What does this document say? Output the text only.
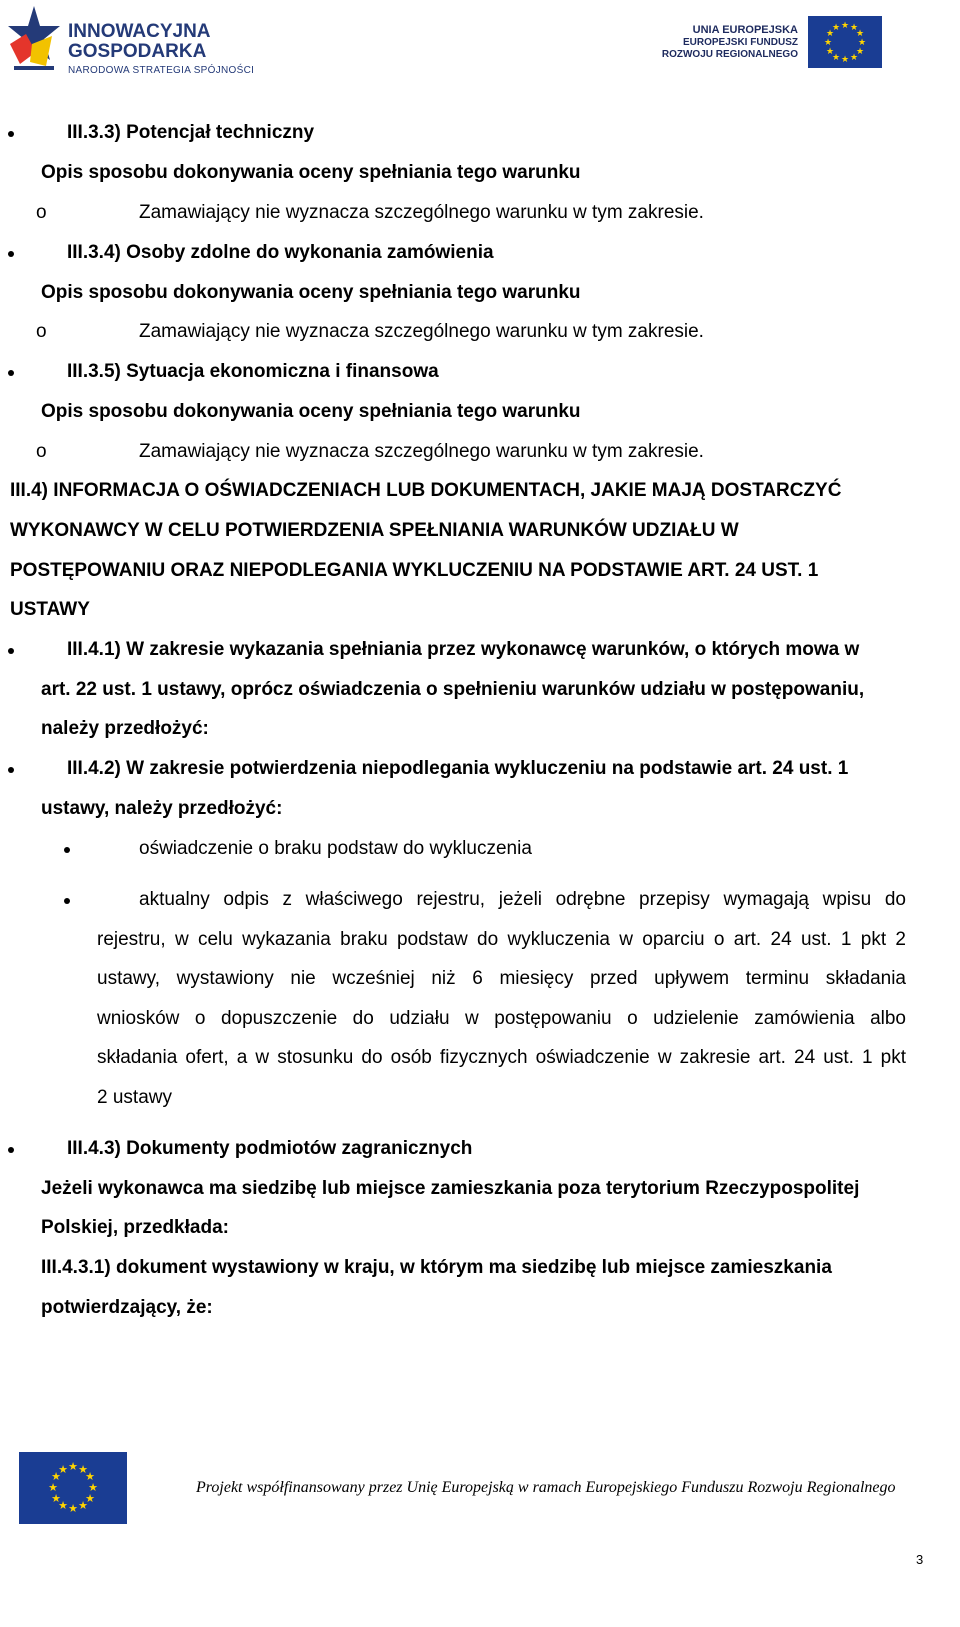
INNOWACYJNA
GOSPODARKA
NARODOWA STRATEGIA SPÓJNOŚCI
UNIA EUROPEJSKA
EUROPEJSKI FUNDUSZ
ROZWOJU REGIONALNEGO
★ ★
★
★
★
★
★
★
★
★
★
★
III.3.3) Potencjał techniczny
Opis sposobu dokonywania oceny spełniania tego warunku
o	Zamawiający nie wyznacza szczególnego warunku w tym zakresie.
III.3.4) Osoby zdolne do wykonania zamówienia
Opis sposobu dokonywania oceny spełniania tego warunku
o	Zamawiający nie wyznacza szczególnego warunku w tym zakresie.
III.3.5) Sytuacja ekonomiczna i finansowa
Opis sposobu dokonywania oceny spełniania tego warunku
o	Zamawiający nie wyznacza szczególnego warunku w tym zakresie.
III.4) INFORMACJA O OŚWIADCZENIACH LUB DOKUMENTACH, JAKIE MAJĄ DOSTARCZYĆ
WYKONAWCY W CELU POTWIERDZENIA SPEŁNIANIA WARUNKÓW UDZIAŁU W
POSTĘPOWANIU ORAZ NIEPODLEGANIA WYKLUCZENIU NA PODSTAWIE ART. 24 UST. 1
USTAWY
III.4.1) W zakresie wykazania spełniania przez wykonawcę warunków, o których mowa w
art. 22 ust. 1 ustawy, oprócz oświadczenia o spełnieniu warunków udziału w postępowaniu,
należy przedłożyć:
III.4.2) W zakresie potwierdzenia niepodlegania wykluczeniu na podstawie art. 24 ust. 1
ustawy, należy przedłożyć:
oświadczenie o braku podstaw do wykluczenia
aktualny odpis z właściwego rejestru, jeżeli odrębne przepisy wymagają wpisu do
rejestru, w celu wykazania braku podstaw do wykluczenia w oparciu o art. 24 ust. 1 pkt 2
ustawy, wystawiony nie wcześniej niż 6 miesięcy przed upływem terminu składania
wniosków o dopuszczenie do udziału w postępowaniu o udzielenie zamówienia albo
składania ofert, a w stosunku do osób fizycznych oświadczenie w zakresie art. 24 ust. 1 pkt
2 ustawy
III.4.3) Dokumenty podmiotów zagranicznych
Jeżeli wykonawca ma siedzibę lub miejsce zamieszkania poza terytorium Rzeczypospolitej
Polskiej, przedkłada:
III.4.3.1) dokument wystawiony w kraju, w którym ma siedzibę lub miejsce zamieszkania
potwierdzający, że:
★ ★
★
★
★
★
★
★
★
★
★
★
Projekt współfinansowany przez Unię Europejską w ramach Europejskiego Funduszu Rozwoju Regionalnego
3
